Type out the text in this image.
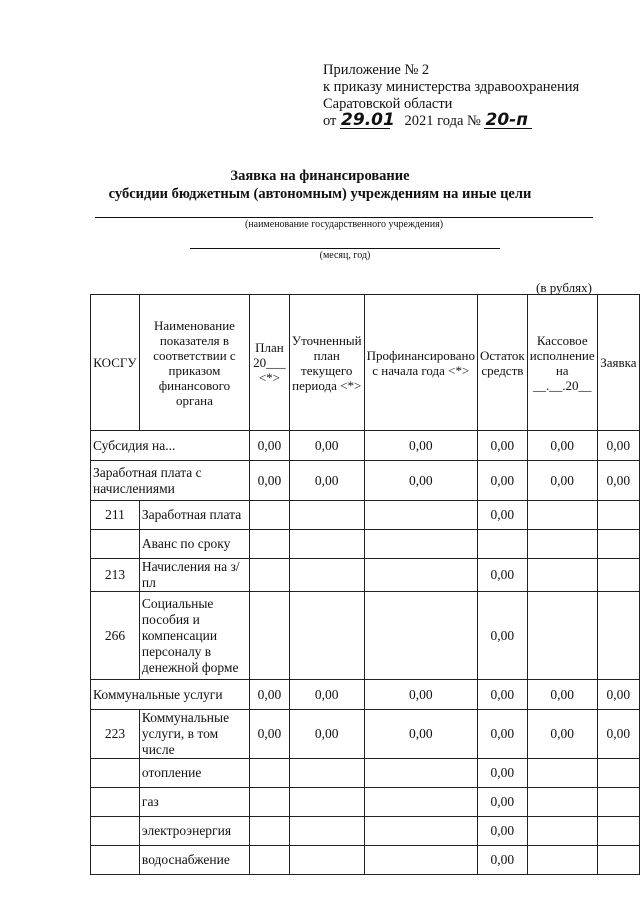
Приложение № 2
к приказу министерства здравоохранения
Саратовской области
от 29.01 2021 года № 20-п
Заявка на финансирование
субсидии бюджетным (автономным) учреждениям на иные цели
(наименование государственного учреждения)
(месяц, год)
(в рублях)
КОСГУ	Наименование показателя в соответствии с приказом финансового органа	План 20___ <*>	Уточненный план текущего периода <*>	Профинансировано с начала года <*>	Остаток средств	Кассовое исполнение на __.__.20__	Заявка
Субсидия на...		0,00	0,00	0,00	0,00	0,00	0,00
Заработная плата с начислениями		0,00	0,00	0,00	0,00	0,00	0,00
211	Заработная плата				0,00		
	Аванс по сроку						
213	Начисления на з/пл				0,00		
266	Социальные пособия и компенсации персоналу в денежной форме				0,00		
Коммунальные услуги		0,00	0,00	0,00	0,00	0,00	0,00
223	Коммунальные услуги, в том числе	0,00	0,00	0,00	0,00	0,00	0,00
	отопление				0,00		
	газ				0,00		
	электроэнергия				0,00		
	водоснабжение				0,00		
